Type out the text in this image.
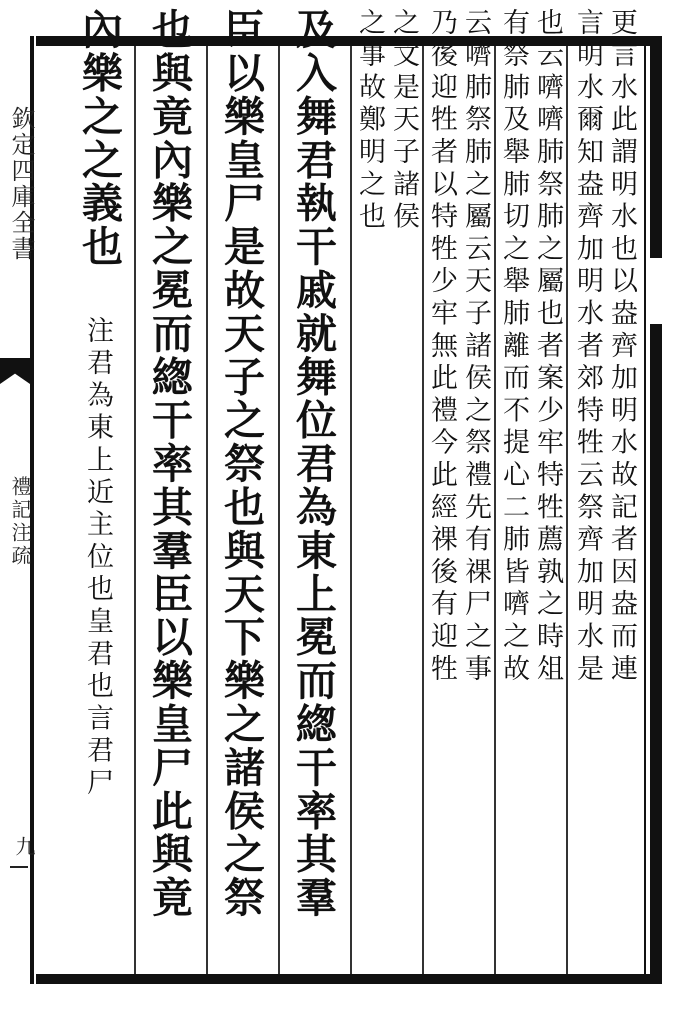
欽定四庫全書
禮記注疏
九
更言水此謂明水也以盎齊加明水故記者因盎而連
言明水爾知盎齊加明水者郊特牲云祭齊加明水是
也云嚌嚌肺祭肺之屬也者案少牢特牲薦孰之時俎
有祭肺及舉肺切之舉肺離而不提心二肺皆嚌之故
云嚌肺祭肺之屬云天子諸侯之祭禮先有祼尸之事
乃後迎牲者以特牲少牢無此禮今此經祼後有迎牲
之文是天子諸侯
之事故鄭明之也
及入舞君執干戚就舞位君為東上冕而緫干率其羣
臣以樂皇尸是故天子之祭也與天下樂之諸侯之祭
也與竟內樂之冕而緫干率其羣臣以樂皇尸此與竟
內樂之之義也
注君為東上近主位也皇君也言君尸
